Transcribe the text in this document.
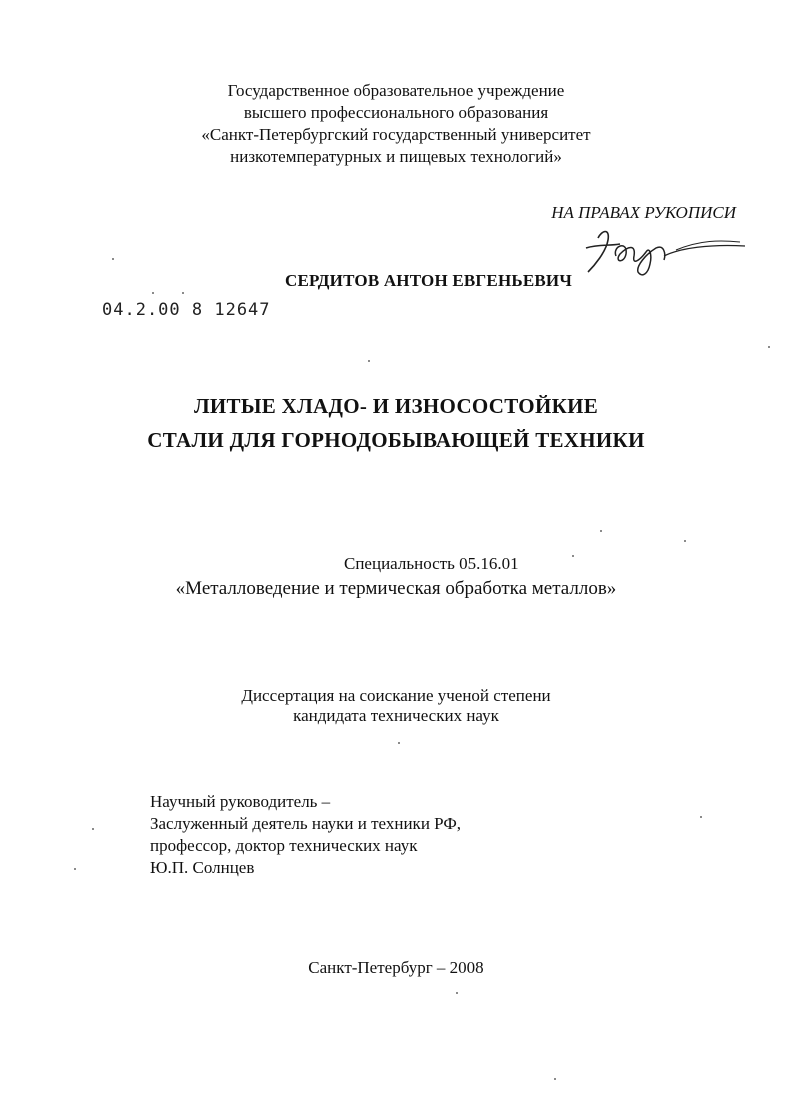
Государственное образовательное учреждение
высшего профессионального образования
«Санкт-Петербургский государственный университет
низкотемпературных и пищевых технологий»
НА ПРАВАХ РУКОПИСИ
СЕРДИТОВ АНТОН ЕВГЕНЬЕВИЧ
04.2.00 8 12647
ЛИТЫЕ ХЛАДО- И ИЗНОСОСТОЙКИЕ
СТАЛИ ДЛЯ ГОРНОДОБЫВАЮЩЕЙ ТЕХНИКИ
Специальность 05.16.01
«Металловедение и термическая обработка металлов»
Диссертация на соискание ученой степени
кандидата технических наук
Научный руководитель –
Заслуженный деятель науки и техники РФ,
профессор, доктор технических наук
Ю.П. Солнцев
Санкт-Петербург – 2008
